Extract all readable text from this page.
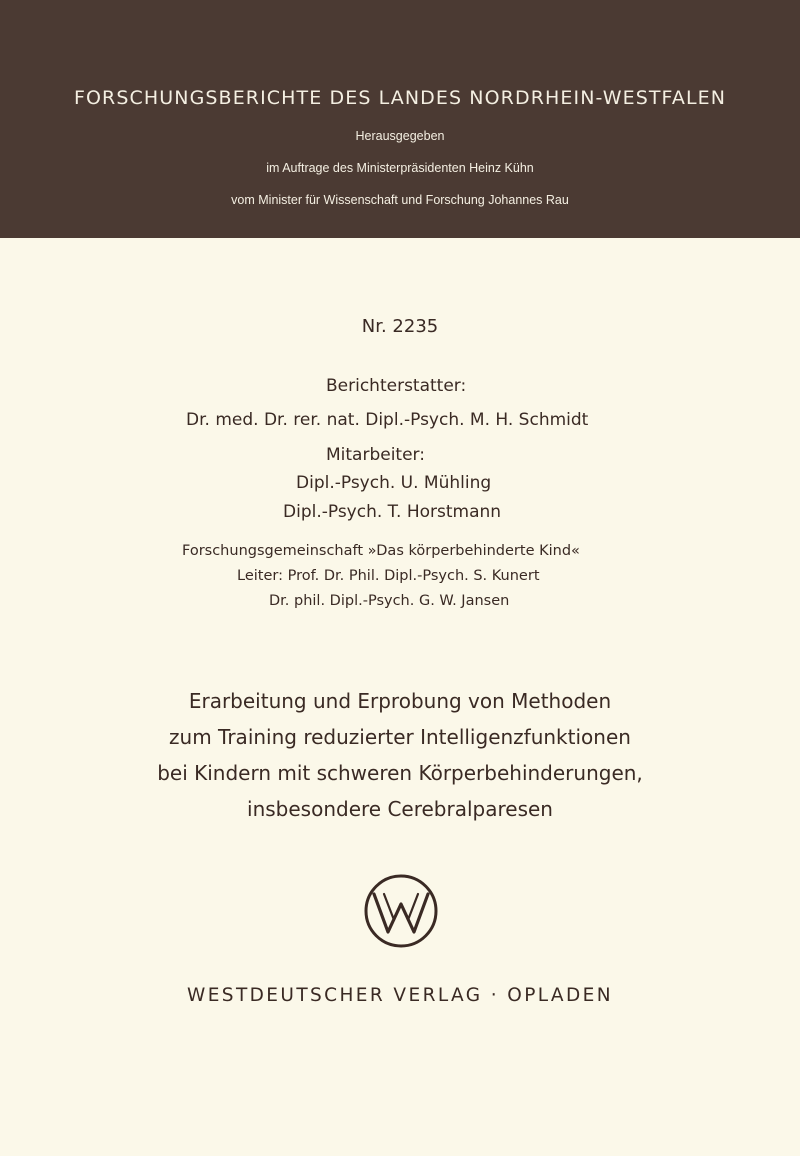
FORSCHUNGSBERICHTE DES LANDES NORDRHEIN-WESTFALEN
Herausgegeben
im Auftrage des Ministerpräsidenten Heinz Kühn
vom Minister für Wissenschaft und Forschung Johannes Rau
Nr. 2235
Berichterstatter:
Dr. med. Dr. rer. nat. Dipl.-Psych. M. H. Schmidt
Mitarbeiter:
Dipl.-Psych. U. Mühling
Dipl.-Psych. T. Horstmann
Forschungsgemeinschaft »Das körperbehinderte Kind«
Leiter: Prof. Dr. Phil. Dipl.-Psych. S. Kunert
Dr. phil. Dipl.-Psych. G. W. Jansen
Erarbeitung und Erprobung von Methoden
zum Training reduzierter Intelligenzfunktionen
bei Kindern mit schweren Körperbehinderungen,
insbesondere Cerebralparesen
WESTDEUTSCHER VERLAG · OPLADEN
